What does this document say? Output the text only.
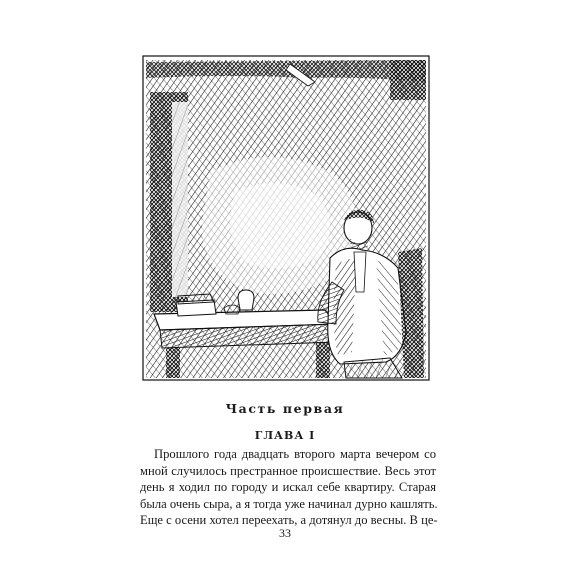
Часть первая
ГЛАВА I
Прошлого года двадцать второго марта вечером со
мной случилось престранное происшествие. Весь этот
день я ходил по городу и искал себе квартиру. Старая
была очень сыра, а я тогда уже начинал дурно кашлять.
Еще с осени хотел переехать, а дотянул до весны. В це-
33
